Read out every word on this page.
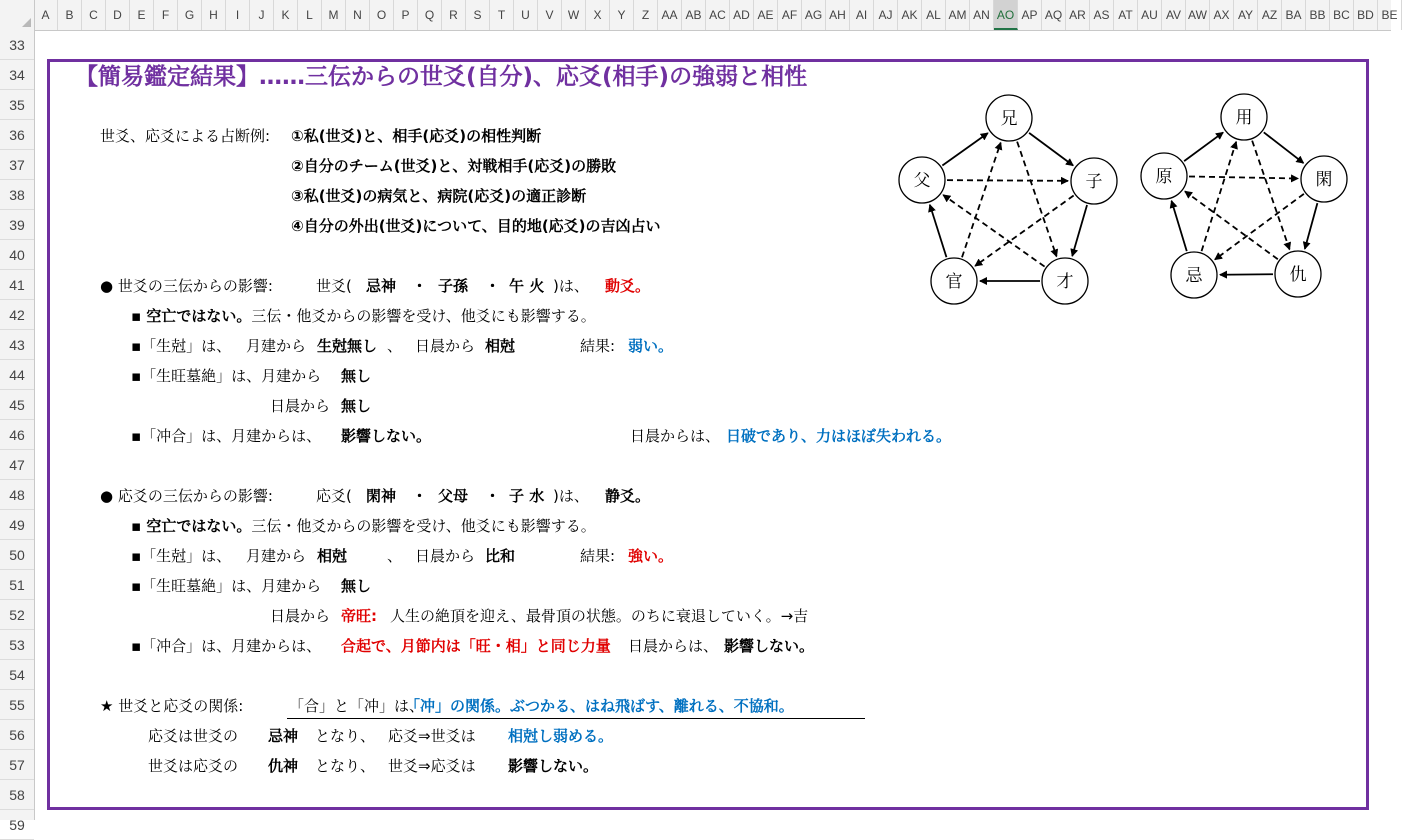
A	B	C	D	E	F	G	H	I	J	K	L	M	N	O	P	Q	R	S	T	U	V	W	X	Y	Z	AA AB AC AD AE AF AG AH AI AJ AK AL AM AN AO AP AQ AR AS AT AU AV AW AX AY AZ BA BB BC BD BE
33
34
35
36
37
38
39
40
41
42
43
44
45
46
47
48
49
50
51
52
53
54
55
56
57
58
59
【簡易鑑定結果】‥‥‥三伝からの世爻(自分)、応爻(相手)の強弱と相性
世爻、応爻による占断例: ①私(世爻)と、相手(応爻)の相性判断
②自分のチーム(世爻)と、対戦相手(応爻)の勝敗
③私(世爻)の病気と、病院(応爻)の適正診断
④自分の外出(世爻)について、目的地(応爻)の吉凶占い
● 世爻の三伝からの影響:	世爻( 忌神 ・ 子孫 ・ 午 火 )は、 動爻。
▪ 空亡ではない。三伝・他爻からの影響を受け、他爻にも影響する。
▪「生尅」は、 月建から 生尅無し 、 日晨から 相尅	結果: 弱い。
▪「生旺墓絶」は、月建から 無し
日晨から 無し
▪「冲合」は、月建からは、 影響しない。	日晨からは、 日破であり、力はほぼ失われる。
● 応爻の三伝からの影響:	応爻( 閑神 ・ 父母 ・ 子 水 )は、 静爻。
▪ 空亡ではない。三伝・他爻からの影響を受け、他爻にも影響する。
▪「生尅」は、 月建から 相尅	、 日晨から 比和	結果: 強い。
▪「生旺墓絶」は、月建から 無し
日晨から 帝旺: 人生の絶頂を迎え、最骨頂の状態。のちに衰退していく。→吉
▪「冲合」は、月建からは、 合起で、月節内は「旺・相」と同じ力量	日晨からは、 影響しない。
★ 世爻と応爻の関係:	「合」と「冲」は、
「冲」の関係。ぶつかる、はね飛ばす、離れる、不協和。
応爻は世爻の 忌神 となり、 応爻⇒世爻は 相尅し弱める。
世爻は応爻の 仇神 となり、 世爻⇒応爻は 影響しない。
兄
子
才
官
父
用
閑
仇
忌
原
